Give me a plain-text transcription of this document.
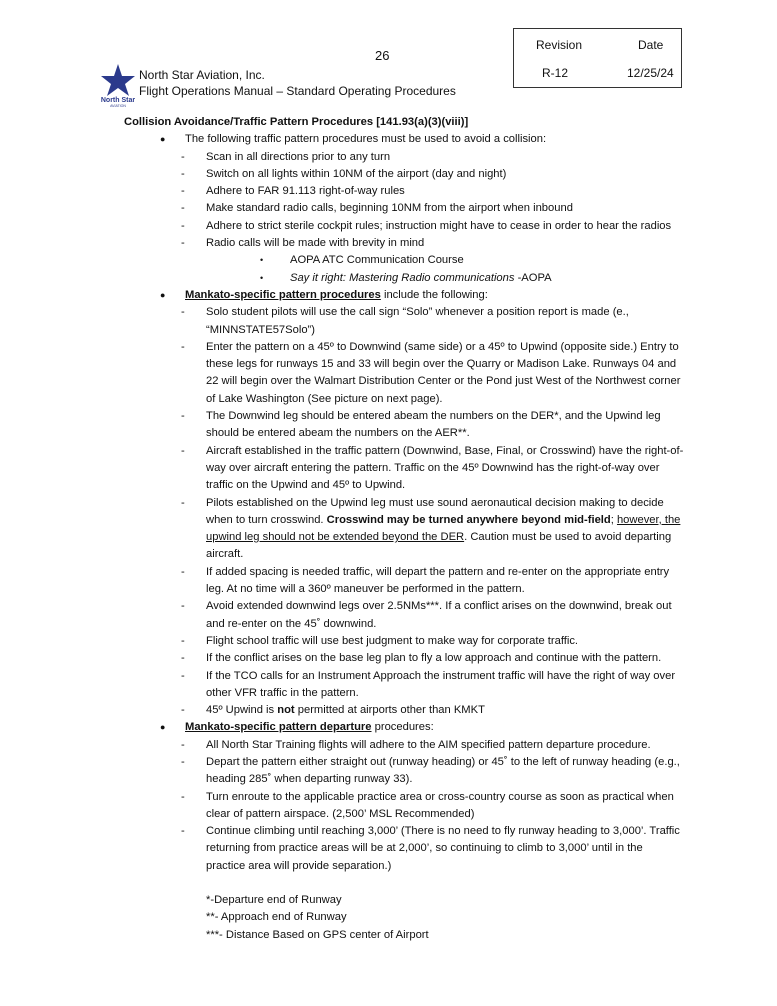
26
Revision	Date
R-12	12/25/24
North Star
AVIATION
North Star Aviation, Inc.
Flight Operations Manual – Standard Operating Procedures
Collision Avoidance/Traffic Pattern Procedures [141.93(a)(3)(viii)]
● The following traffic pattern procedures must be used to avoid a collision:
- Scan in all directions prior to any turn
- Switch on all lights within 10NM of the airport (day and night)
- Adhere to FAR 91.113 right-of-way rules
- Make standard radio calls, beginning 10NM from the airport when inbound
- Adhere to strict sterile cockpit rules; instruction might have to cease in order to hear the radios
- Radio calls will be made with brevity in mind
• AOPA ATC Communication Course
• Say it right: Mastering Radio communications -AOPA
● Mankato-specific pattern procedures include the following:
- Solo student pilots will use the call sign “Solo” whenever a position report is made (e., “MINNSTATE57Solo”)
- Enter the pattern on a 45º to Downwind (same side) or a 45º to Upwind (opposite side.) Entry to these legs for runways 15 and 33 will begin over the Quarry or Madison Lake. Runways 04 and 22 will begin over the Walmart Distribution Center or the Pond just West of the Northwest corner of Lake Washington (See picture on next page).
- The Downwind leg should be entered abeam the numbers on the DER*, and the Upwind leg should be entered abeam the numbers on the AER**.
- Aircraft established in the traffic pattern (Downwind, Base, Final, or Crosswind) have the right-of-way over aircraft entering the pattern. Traffic on the 45º Downwind has the right-of-way over traffic on the Upwind and 45º to Upwind.
- Pilots established on the Upwind leg must use sound aeronautical decision making to decide when to turn crosswind. Crosswind may be turned anywhere beyond mid-field; however, the upwind leg should not be extended beyond the DER. Caution must be used to avoid departing aircraft.
- If added spacing is needed traffic, will depart the pattern and re-enter on the appropriate entry leg. At no time will a 360º maneuver be performed in the pattern.
- Avoid extended downwind legs over 2.5NMs***. If a conflict arises on the downwind, break out and re-enter on the 45˚ downwind.
- Flight school traffic will use best judgment to make way for corporate traffic.
- If the conflict arises on the base leg plan to fly a low approach and continue with the pattern.
- If the TCO calls for an Instrument Approach the instrument traffic will have the right of way over other VFR traffic in the pattern.
- 45º Upwind is not permitted at airports other than KMKT
● Mankato-specific pattern departure procedures:
- All North Star Training flights will adhere to the AIM specified pattern departure procedure.
- Depart the pattern either straight out (runway heading) or 45˚ to the left of runway heading (e.g., heading 285˚ when departing runway 33).
- Turn enroute to the applicable practice area or cross-country course as soon as practical when clear of pattern airspace. (2,500’ MSL Recommended)
- Continue climbing until reaching 3,000’ (There is no need to fly runway heading to 3,000’. Traffic returning from practice areas will be at 2,000’, so continuing to climb to 3,000’ until in the practice area will provide separation.)
*-Departure end of Runway
**- Approach end of Runway
***- Distance Based on GPS center of Airport
